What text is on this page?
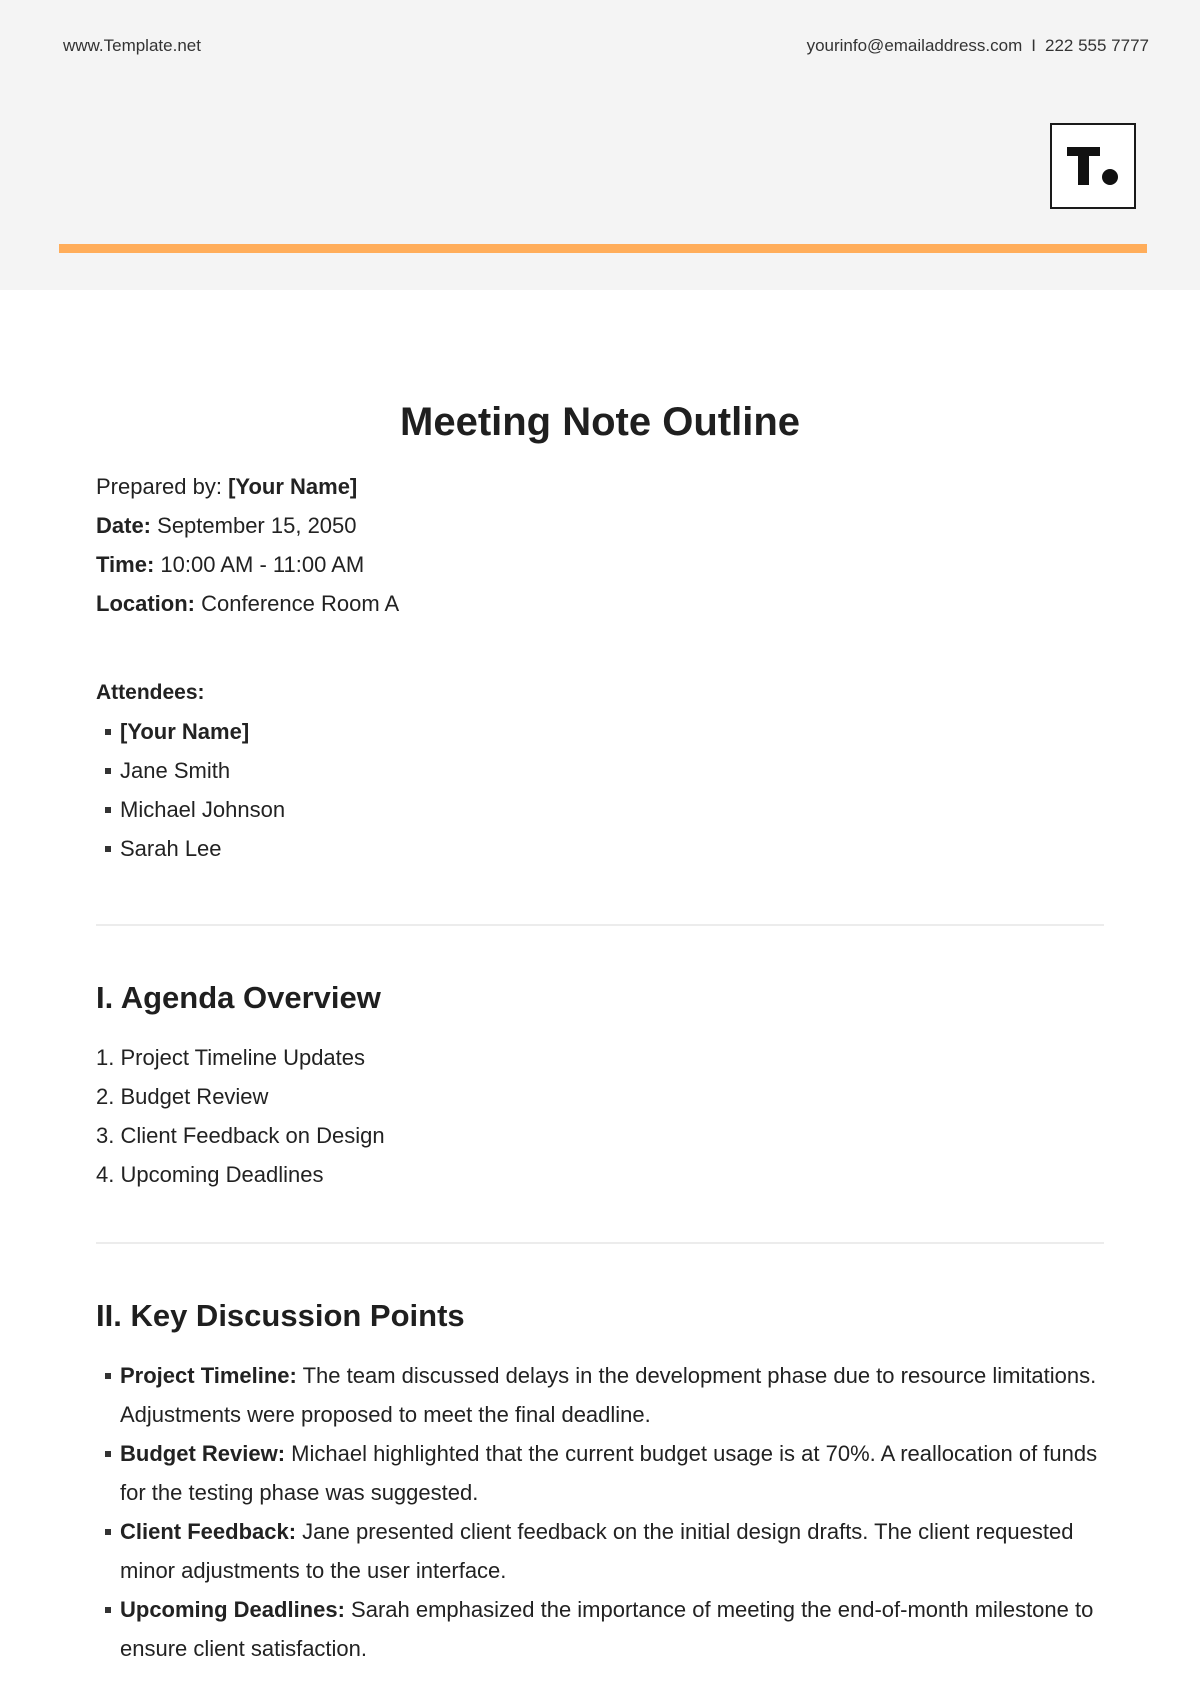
www.Template.net	yourinfo@emailaddress.com I 222 555 7777
Meeting Note Outline
Prepared by: [Your Name]
Date: September 15, 2050
Time: 10:00 AM - 11:00 AM
Location: Conference Room A
Attendees:
[Your Name]
Jane Smith
Michael Johnson
Sarah Lee
I. Agenda Overview
1. Project Timeline Updates
2. Budget Review
3. Client Feedback on Design
4. Upcoming Deadlines
II. Key Discussion Points
Project Timeline: The team discussed delays in the development phase due to resource limitations. Adjustments were proposed to meet the final deadline.
Budget Review: Michael highlighted that the current budget usage is at 70%. A reallocation of funds for the testing phase was suggested.
Client Feedback: Jane presented client feedback on the initial design drafts. The client requested minor adjustments to the user interface.
Upcoming Deadlines: Sarah emphasized the importance of meeting the end-of-month milestone to ensure client satisfaction.
